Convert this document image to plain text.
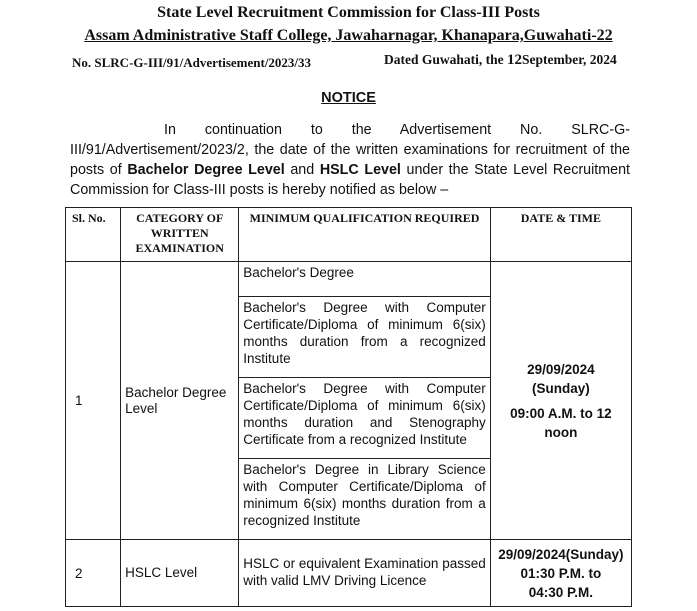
State Level Recruitment Commission for Class-III Posts
Assam Administrative Staff College, Jawaharnagar, Khanapara,Guwahati-22
No. SLRC-G-III/91/Advertisement/2023/33	Dated Guwahati, the 12September, 2024
NOTICE
In continuation to the Advertisement No. SLRC-G-III/91/Advertisement/2023/2, the date of the written examinations for recruitment of the posts of Bachelor Degree Level and HSLC Level under the State Level Recruitment Commission for Class-III posts is hereby notified as below –
Sl. No.	CATEGORY OF WRITTEN EXAMINATION	MINIMUM QUALIFICATION REQUIRED	DATE & TIME
1	Bachelor Degree Level	Bachelor's Degree	29/09/2024
(Sunday)
09:00 A.M. to 12 noon

		Bachelor's Degree with Computer Certificate/Diploma of minimum 6(six) months duration from a recognized Institute	
		Bachelor's Degree with Computer Certificate/Diploma of minimum 6(six) months duration and Stenography Certificate from a recognized Institute	
		Bachelor's Degree in Library Science with Computer Certificate/Diploma of minimum 6(six) months duration from a recognized Institute	
2	HSLC Level	HSLC or equivalent Examination passed with valid LMV Driving Licence	29/09/2024(Sunday)
01:30 P.M. to 04:30 P.M.
